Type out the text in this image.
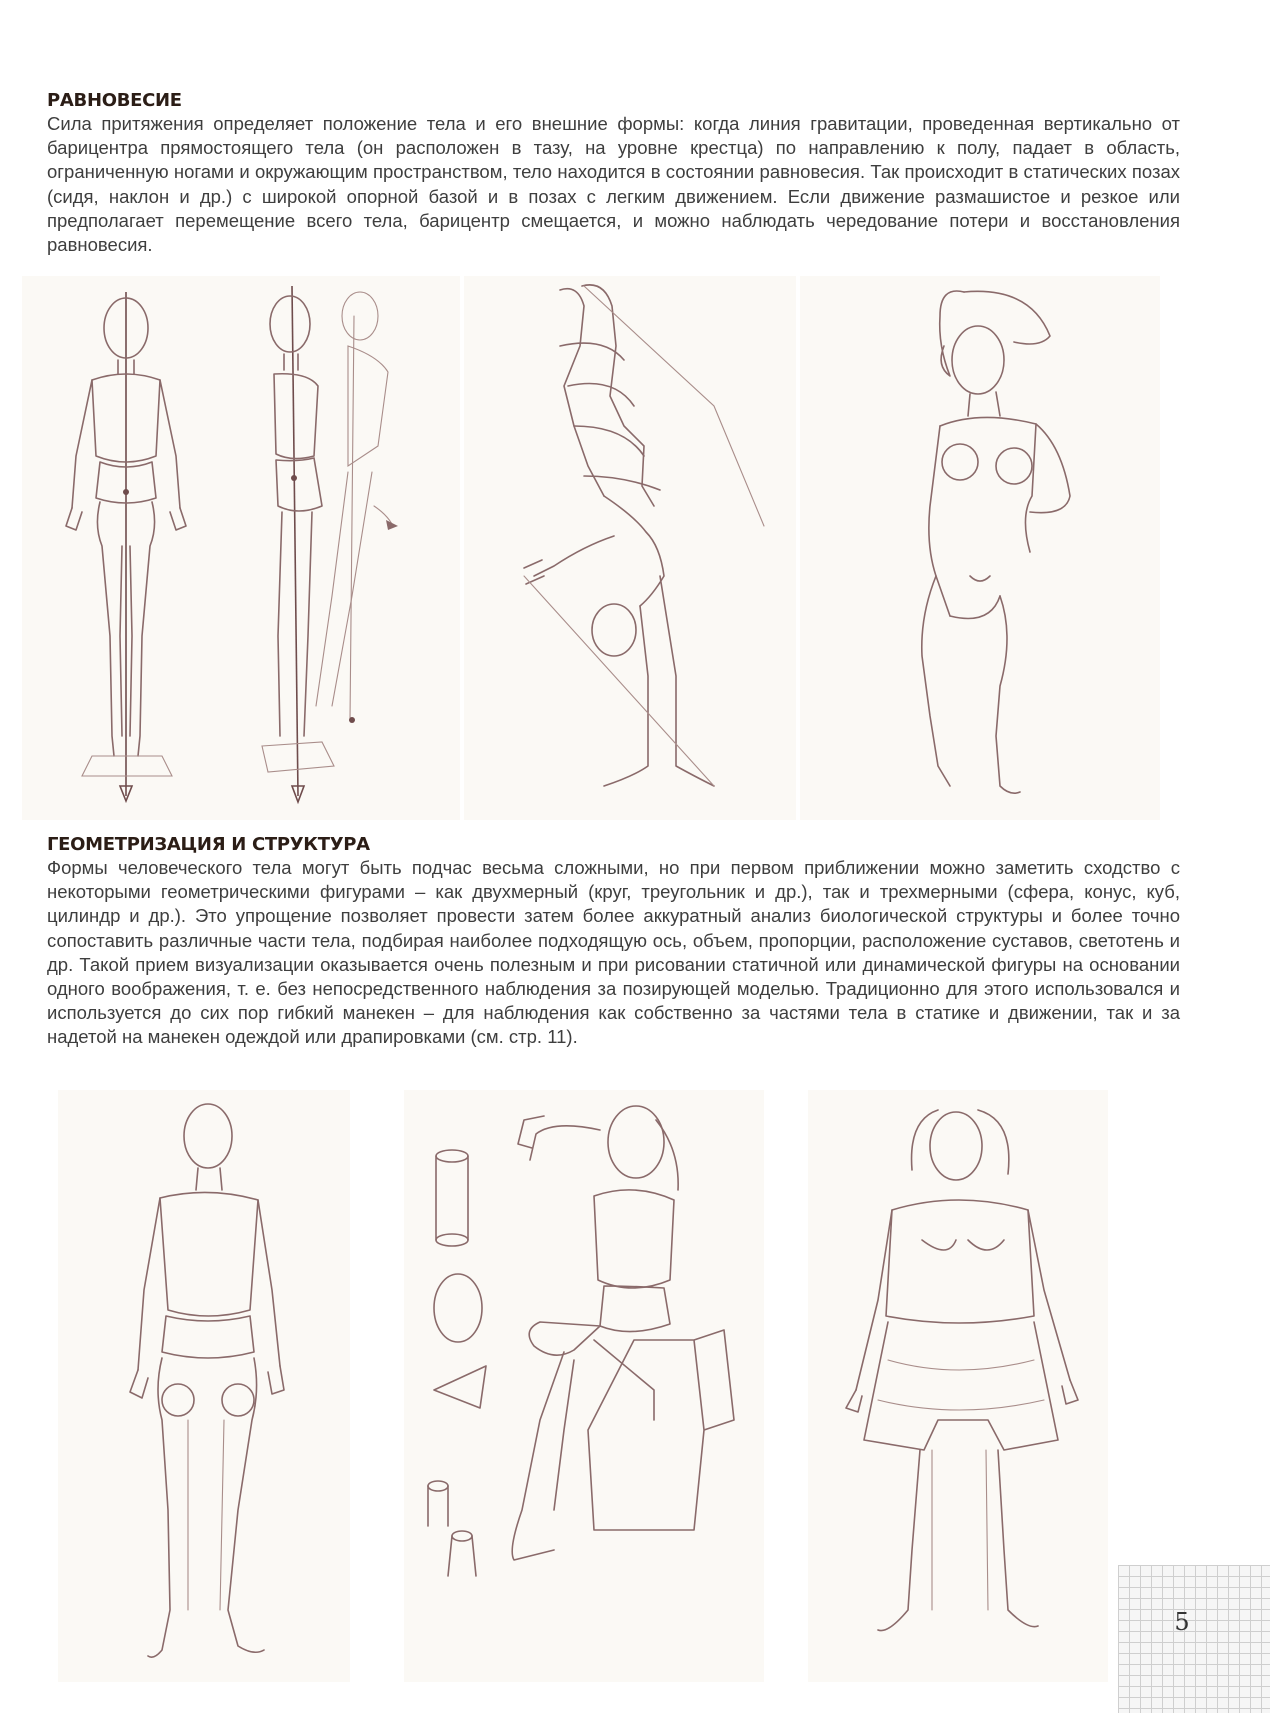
РАВНОВЕСИЕ

Сила притяжения определяет положение тела и его внешние формы: когда линия гравитации, проведенная вертикально от барицентра прямостоящего тела (он расположен в тазу, на уровне крестца) по направлению к полу, падает в область, ограниченную ногами и окружающим пространством, тело находится в состоянии равновесия. Так происходит в статических позах (сидя, наклон и др.) с широкой опорной базой и в позах с легким движением. Если движение размашистое и резкое или предполагает перемещение всего тела, барицентр смещается, и можно наблюдать чередование потери и восстановления равновесия.

ГЕОМЕТРИЗАЦИЯ И СТРУКТУРА

Формы человеческого тела могут быть подчас весьма сложными, но при первом приближении можно заметить сходство с некоторыми геометрическими фигурами – как двухмерный (круг, треугольник и др.), так и трехмерными (сфера, конус, куб, цилиндр и др.). Это упрощение позволяет провести затем более аккуратный анализ биологической структуры и более точно сопоставить различные части тела, подбирая наиболее подходящую ось, объем, пропорции, расположение суставов, светотень и др. Такой прием визуализации оказывается очень полезным и при рисовании статичной или динамической фигуры на основании одного воображения, т. е. без непосредственного наблюдения за позирующей моделью. Традиционно для этого использовался и используется до сих пор гибкий манекен – для наблюдения как собственно за частями тела в статике и движении, так и за надетой на манекен одеждой или драпировками (см. стр. 11).

5
